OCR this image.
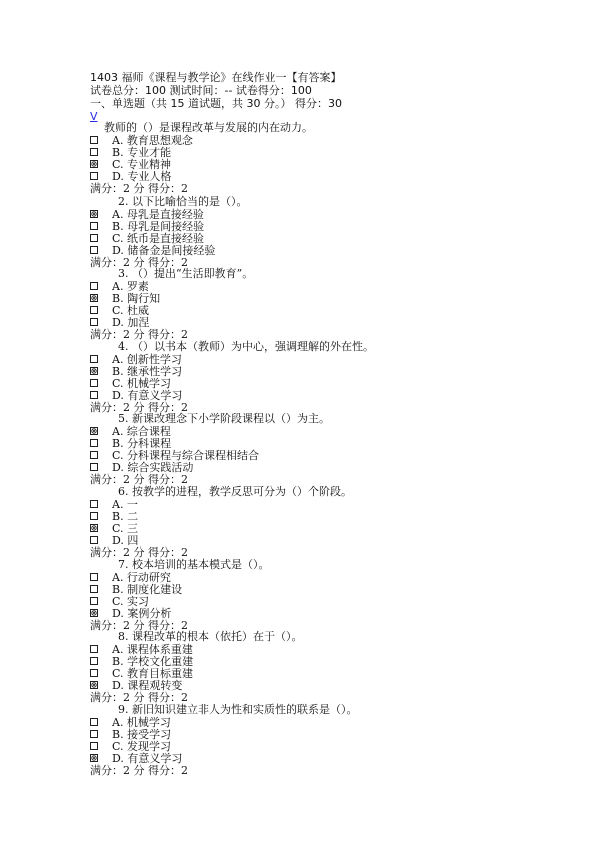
1403 福师《课程与教学论》在线作业一【有答案】
试卷总分：100 测试时间：-- 试卷得分：100
一、单选题（共 15 道试题，共 30 分。） 得分：30
V
教师的（）是课程改革与发展的内在动力。
A. 教育思想观念
B. 专业才能
C. 专业精神
D. 专业人格
满分：2 分 得分：2
2. 以下比喻恰当的是（）。
A. 母乳是直接经验
B. 母乳是间接经验
C. 纸币是直接经验
D. 储备金是间接经验
满分：2 分 得分：2
3. （）提出“生活即教育”。
A. 罗素
B. 陶行知
C. 杜威
D. 加涅
满分：2 分 得分：2
4. （）以书本（教师）为中心，强调理解的外在性。
A. 创新性学习
B. 继承性学习
C. 机械学习
D. 有意义学习
满分：2 分 得分：2
5. 新课改理念下小学阶段课程以（）为主。
A. 综合课程
B. 分科课程
C. 分科课程与综合课程相结合
D. 综合实践活动
满分：2 分 得分：2
6. 按教学的进程，教学反思可分为（）个阶段。
A. 一
B. 二
C. 三
D. 四
满分：2 分 得分：2
7. 校本培训的基本模式是（）。
A. 行动研究
B. 制度化建设
C. 实习
D. 案例分析
满分：2 分 得分：2
8. 课程改革的根本（依托）在于（）。
A. 课程体系重建
B. 学校文化重建
C. 教育目标重建
D. 课程观转变
满分：2 分 得分：2
9. 新旧知识建立非人为性和实质性的联系是（）。
A. 机械学习
B. 接受学习
C. 发现学习
D. 有意义学习
满分：2 分 得分：2
